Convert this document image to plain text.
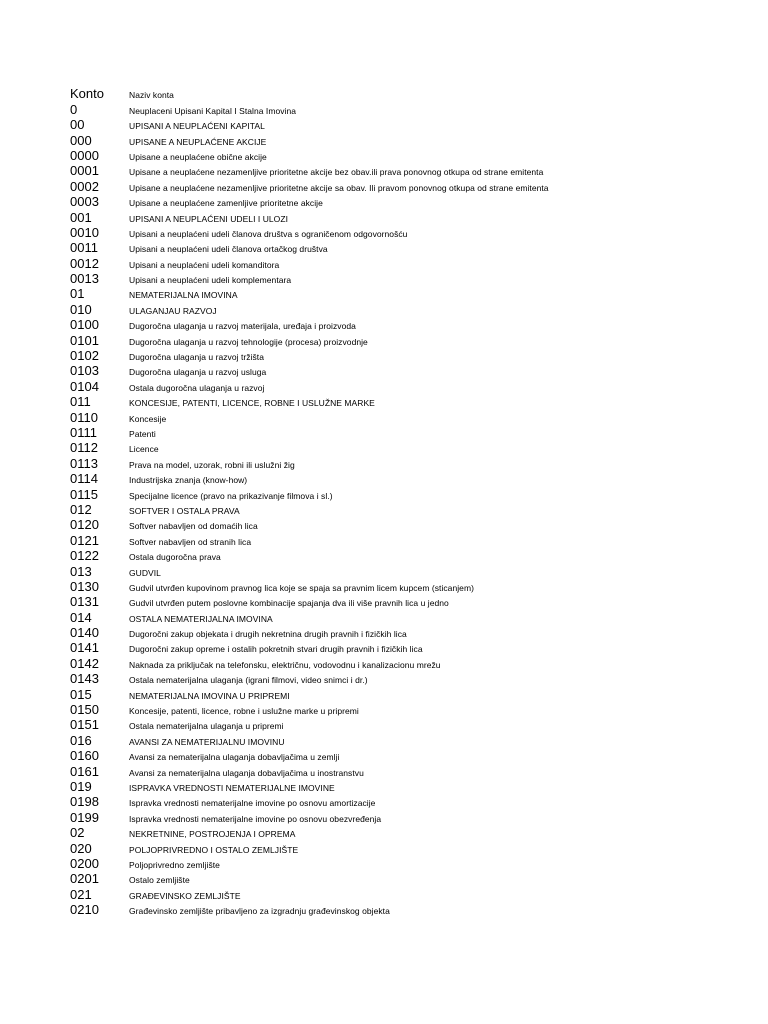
Konto	Naziv konta
0	Neuplaceni Upisani Kapital I Stalna Imovina
00	UPISANI A NEUPLAĆENI KAPITAL
000	UPISANE A NEUPLAĆENE AKCIJE
0000	Upisane a neuplaćene obične akcije
0001	Upisane a neuplaćene nezamenljive prioritetne akcije bez obav.ili prava ponovnog otkupa od strane emitenta
0002	Upisane a neuplaćene nezamenljive prioritetne akcije sa obav. Ili pravom ponovnog otkupa od strane emitenta
0003	Upisane a neuplaćene zamenljive prioritetne akcije
001	UPISANI A NEUPLAĆENI UDELI I ULOZI
0010	Upisani a neuplaćeni udeli članova društva s ograničenom odgovornošću
0011	Upisani a neuplaćeni udeli članova ortačkog društva
0012	Upisani a neuplaćeni udeli komanditora
0013	Upisani a neuplaćeni udeli komplementara
01	NEMATERIJALNA IMOVINA
010	ULAGANJAU RAZVOJ
0100	Dugoročna ulaganja u razvoj materijala, uređaja i proizvoda
0101	Dugoročna ulaganja u razvoj tehnologije (procesa) proizvodnje
0102	Dugoročna ulaganja u razvoj tržišta
0103	Dugoročna ulaganja u razvoj usluga
0104	Ostala dugoročna ulaganja u razvoj
011	KONCESIJE, PATENTI, LICENCE, ROBNE I USLUŽNE MARKE
0110	Koncesije
0111	Patenti
0112	Licence
0113	Prava na model, uzorak, robni ili uslužni žig
0114	Industrijska znanja (know-how)
0115	Specijalne licence (pravo na prikazivanje filmova i sl.)
012	SOFTVER I OSTALA PRAVA
0120	Softver nabavljen od domaćih lica
0121	Softver nabavljen od stranih lica
0122	Ostala dugoročna prava
013	GUDVIL
0130	Gudvil utvrđen kupovinom pravnog lica koje se spaja sa pravnim licem kupcem (sticanjem)
0131	Gudvil utvrđen putem poslovne kombinacije spajanja dva ili više pravnih lica u jedno
014	OSTALA NEMATERIJALNA IMOVINA
0140	Dugoročni zakup objekata i drugih nekretnina drugih pravnih i fizičkih lica
0141	Dugoročni zakup opreme i ostalih pokretnih stvari drugih pravnih i fizičkih lica
0142	Naknada za priključak na telefonsku, električnu, vodovodnu i kanalizacionu mrežu
0143	Ostala nematerijalna ulaganja (igrani filmovi, video snimci i dr.)
015	NEMATERIJALNA IMOVINA U PRIPREMI
0150	Koncesije, patenti, licence, robne i uslužne marke u pripremi
0151	Ostala nematerijalna ulaganja u pripremi
016	AVANSI ZA NEMATERIJALNU IMOVINU
0160	Avansi za nematerijalna ulaganja dobavljačima u zemlji
0161	Avansi za nematerijalna ulaganja dobavljačima u inostranstvu
019	ISPRAVKA VREDNOSTI NEMATERIJALNE IMOVINE
0198	Ispravka vrednosti nematerijalne imovine po osnovu amortizacije
0199	Ispravka vrednosti nematerijalne imovine po osnovu obezvređenja
02	NEKRETNINE, POSTROJENJA I OPREMA
020	POLJOPRIVREDNO I OSTALO ZEMLJIŠTE
0200	Poljoprivredno zemljište
0201	Ostalo zemljište
021	GRAĐEVINSKO ZEMLJIŠTE
0210	Građevinsko zemljište pribavljeno za izgradnju građevinskog objekta
